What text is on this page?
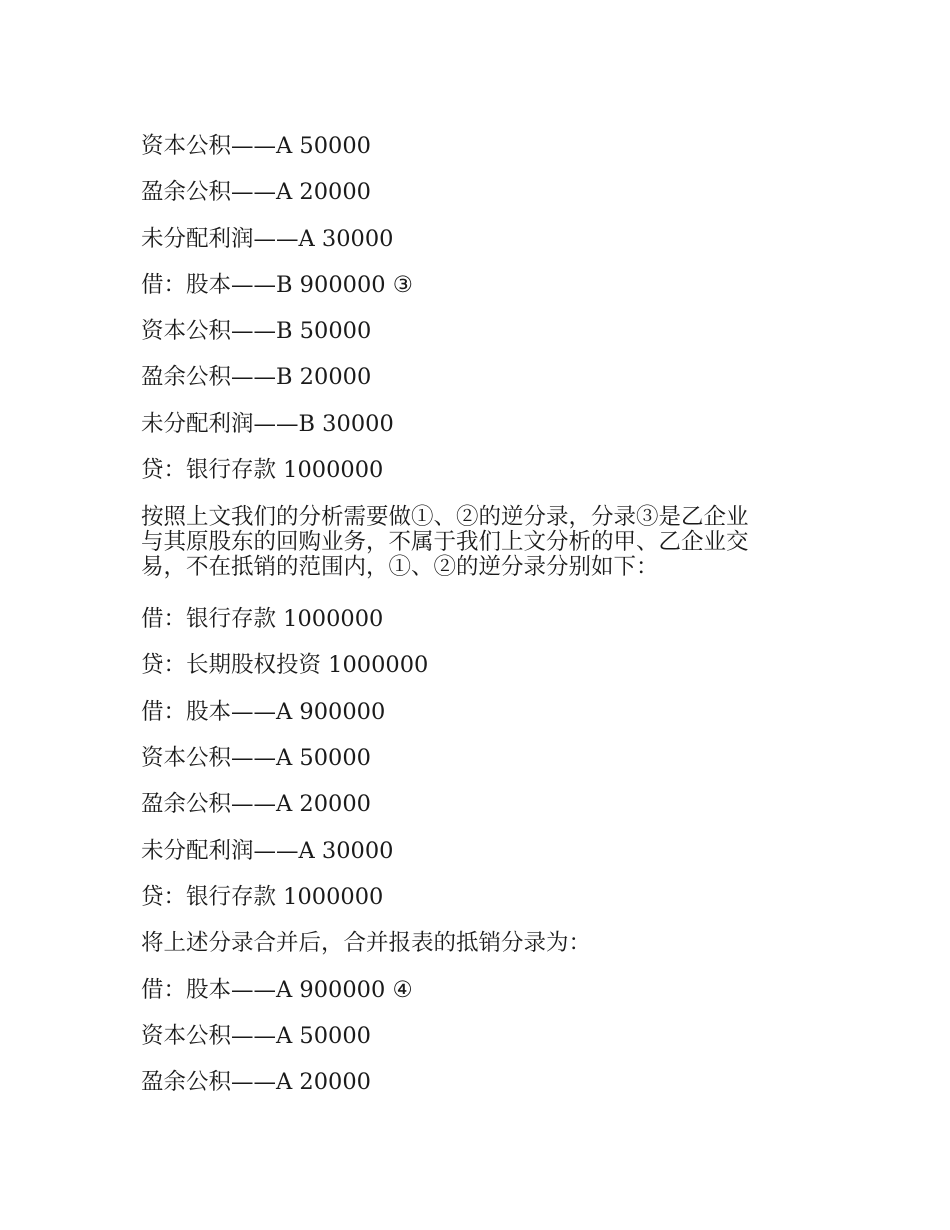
资本公积——A 50000
盈余公积——A 20000
未分配利润——A 30000
借：股本——B 900000 ③
资本公积——B 50000
盈余公积——B 20000
未分配利润——B 30000
贷：银行存款 1000000
按照上文我们的分析需要做①、②的逆分录，分录③是乙企业
与其原股东的回购业务，不属于我们上文分析的甲、乙企业交
易，不在抵销的范围内，①、②的逆分录分别如下：
借：银行存款 1000000
贷：长期股权投资 1000000
借：股本——A 900000
资本公积——A 50000
盈余公积——A 20000
未分配利润——A 30000
贷：银行存款 1000000
将上述分录合并后，合并报表的抵销分录为：
借：股本——A 900000 ④
资本公积——A 50000
盈余公积——A 20000
